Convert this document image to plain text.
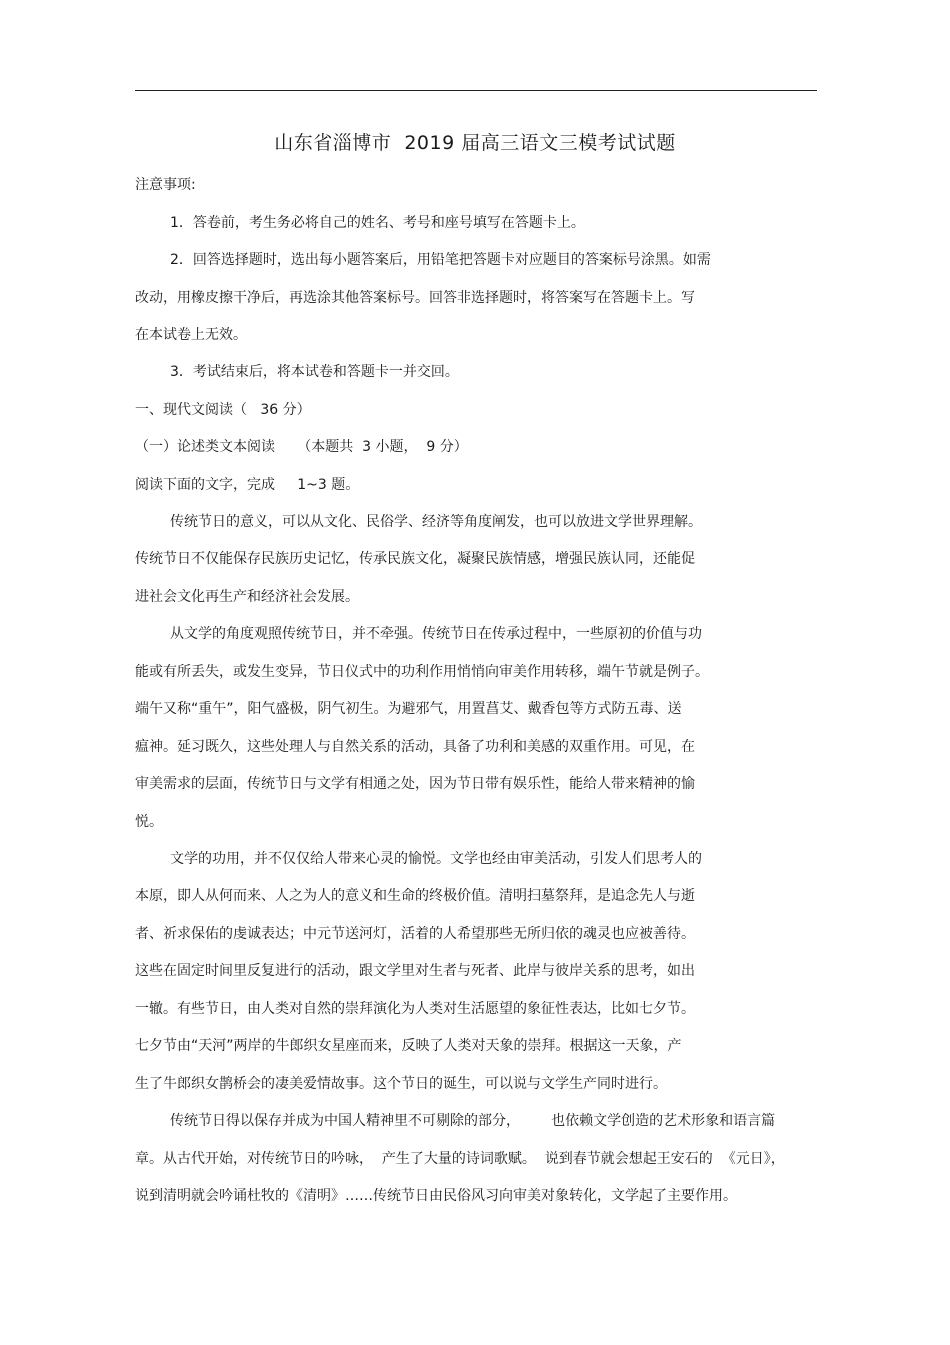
山东省淄博市  2019 届高三语文三模考试试题
注意事项:
1．答卷前，考生务必将自己的姓名、考号和座号填写在答题卡上。
2．回答选择题时，选出每小题答案后，用铅笔把答题卡对应题目的答案标号涂黑。如需
改动，用橡皮擦干净后，再选涂其他答案标号。回答非选择题时，将答案写在答题卡上。写
在本试卷上无效。
3．考试结束后，将本试卷和答题卡一并交回。
一、现代文阅读（   36 分）
（一）论述类文本阅读     （本题共  3 小题，  9 分）
阅读下面的文字，完成     1~3 题。
传统节日的意义，可以从文化、民俗学、经济等角度阐发，也可以放进文学世界理解。
传统节日不仅能保存民族历史记忆，传承民族文化，凝聚民族情感，增强民族认同，还能促
进社会文化再生产和经济社会发展。
从文学的角度观照传统节日，并不牵强。传统节日在传承过程中，一些原初的价值与功
能或有所丢失，或发生变异，节日仪式中的功利作用悄悄向审美作用转移，端午节就是例子。
端午又称“重午”，阳气盛极，阴气初生。为避邪气，用置菖艾、戴香包等方式防五毒、送
瘟神。延习既久，这些处理人与自然关系的活动，具备了功利和美感的双重作用。可见，在
审美需求的层面，传统节日与文学有相通之处，因为节日带有娱乐性，能给人带来精神的愉
悦。
文学的功用，并不仅仅给人带来心灵的愉悦。文学也经由审美活动，引发人们思考人的
本原，即人从何而来、人之为人的意义和生命的终极价值。清明扫墓祭拜，是追念先人与逝
者、祈求保佑的虔诚表达；中元节送河灯，活着的人希望那些无所归依的魂灵也应被善待。
这些在固定时间里反复进行的活动，跟文学里对生者与死者、此岸与彼岸关系的思考，如出
一辙。有些节日，由人类对自然的崇拜演化为人类对生活愿望的象征性表达，比如七夕节。
七夕节由“天河”两岸的牛郎织女星座而来，反映了人类对天象的崇拜。根据这一天象，产
生了牛郎织女鹊桥会的凄美爱情故事。这个节日的诞生，可以说与文学生产同时进行。
传统节日得以保存并成为中国人精神里不可剔除的部分，       也依赖文学创造的艺术形象和语言篇
章。从古代开始，对传统节日的吟咏，  产生了大量的诗词歌赋。  说到春节就会想起王安石的  《元日》，
说到清明就会吟诵杜牧的《清明》……传统节日由民俗风习向审美对象转化，文学起了主要作用。
